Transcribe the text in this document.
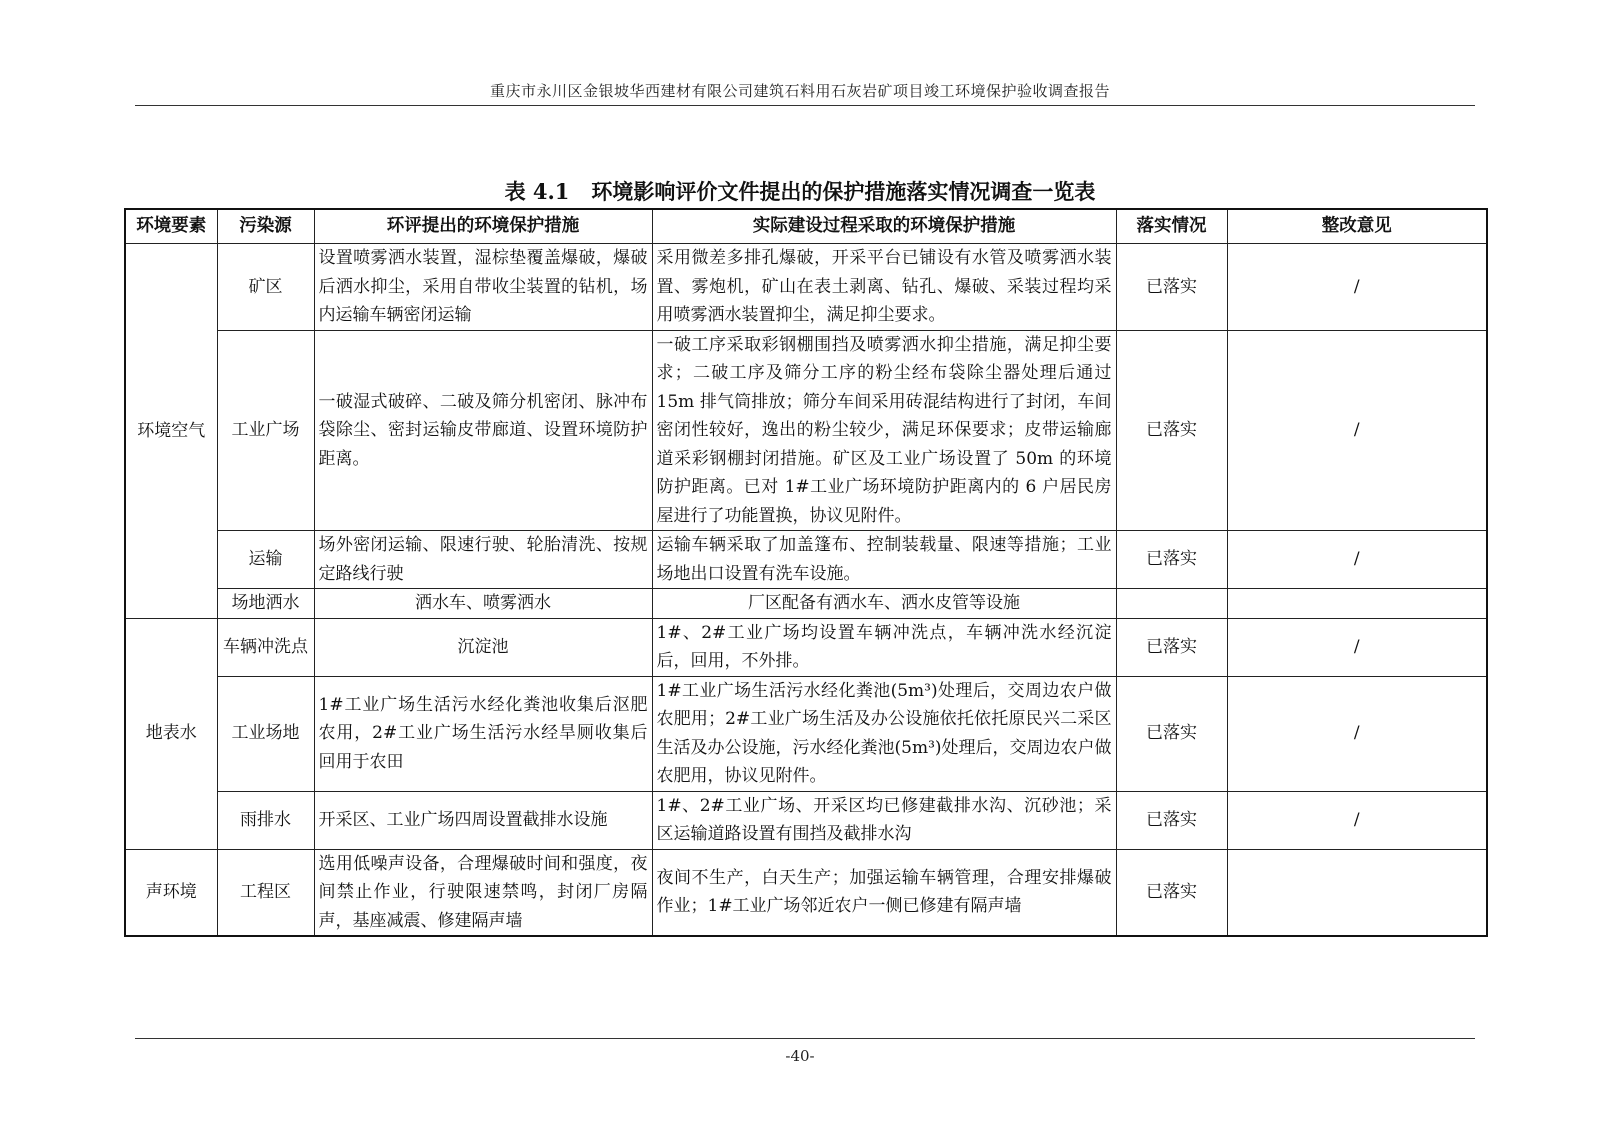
重庆市永川区金银坡华西建材有限公司建筑石料用石灰岩矿项目竣工环境保护验收调查报告
表 4.1 环境影响评价文件提出的保护措施落实情况调查一览表
环境要素	污染源	环评提出的环境保护措施	实际建设过程采取的环境保护措施	落实情况	整改意见
环境空气	矿区	设置喷雾洒水装置，湿棕垫覆盖爆破，爆破后洒水抑尘，采用自带收尘装置的钻机，场内运输车辆密闭运输	采用微差多排孔爆破，开采平台已铺设有水管及喷雾洒水装置、雾炮机，矿山在表土剥离、钻孔、爆破、采装过程均采用喷雾洒水装置抑尘，满足抑尘要求。	已落实	/
	工业广场	一破湿式破碎、二破及筛分机密闭、脉冲布袋除尘、密封运输皮带廊道、设置环境防护距离。	一破工序采取彩钢棚围挡及喷雾洒水抑尘措施，满足抑尘要求；二破工序及筛分工序的粉尘经布袋除尘器处理后通过 15m 排气筒排放；筛分车间采用砖混结构进行了封闭，车间密闭性较好，逸出的粉尘较少，满足环保要求；皮带运输廊道采彩钢棚封闭措施。矿区及工业广场设置了 50m 的环境防护距离。已对 1#工业广场环境防护距离内的 6 户居民房屋进行了功能置换，协议见附件。	已落实	/
	运输	场外密闭运输、限速行驶、轮胎清洗、按规定路线行驶	运输车辆采取了加盖篷布、控制装载量、限速等措施；工业场地出口设置有洗车设施。	已落实	/
	场地洒水	洒水车、喷雾洒水	厂区配备有洒水车、洒水皮管等设施		
地表水	车辆冲洗点	沉淀池	1#、2#工业广场均设置车辆冲洗点，车辆冲洗水经沉淀后，回用，不外排。	已落实	/
	工业场地	1#工业广场生活污水经化粪池收集后沤肥农用，2#工业广场生活污水经旱厕收集后回用于农田	1#工业广场生活污水经化粪池(5m³)处理后，交周边农户做农肥用；2#工业广场生活及办公设施依托依托原民兴二采区生活及办公设施，污水经化粪池(5m³)处理后，交周边农户做农肥用，协议见附件。	已落实	/
	雨排水	开采区、工业广场四周设置截排水设施	1#、2#工业广场、开采区均已修建截排水沟、沉砂池；采区运输道路设置有围挡及截排水沟	已落实	/
声环境	工程区	选用低噪声设备，合理爆破时间和强度，夜间禁止作业，行驶限速禁鸣，封闭厂房隔声，基座减震、修建隔声墙	夜间不生产，白天生产；加强运输车辆管理，合理安排爆破作业；1#工业广场邻近农户一侧已修建有隔声墙	已落实	
-40-
